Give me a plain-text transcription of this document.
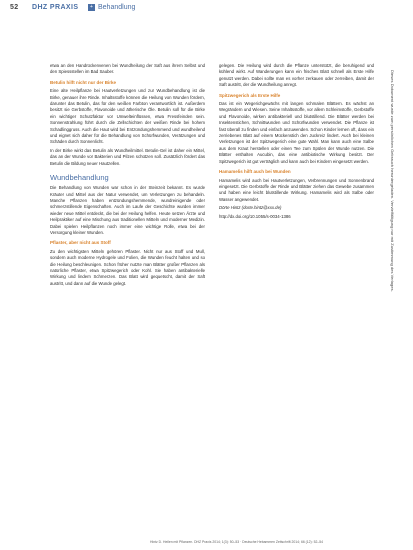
52 DHZ PRAXIS	+ Behandlung

etwa an den Handrückenvenen bei Wundheilung der Saft aus ihrem Selbst und den Spiessstellen im Bad Sauber.

Betulin hilft nicht nur der Birke

Eine alte Heilpflanze bei Hautverletzungen und zur Wundbehandlung ist die Birke, genauer ihre Rinde. Inhaltsstoffe können die Heilung von Wunden fördern, darunter das Betulin, das für den weißen Farbton verantwortlich ist. Außerdem besitzt sie Gerbstoffe, Flavonoide und ätherische Öle. Betulin soll für die Birke ein wichtiger Schutzfaktor vor Umwelteinflüssen, etwa Fressfeinden sein. Sonnenstrahlung führt durch die Zellschichten der weißen Rinde bei hohem Schadlinggruss. Auch die Haut wird bei Entzündungshemmend und wundheilend und eignet sich daher für die Behandlung von Schürfwunden, Verätzungen und Schäden durch Sonnenlicht.

In der Birke wirkt das Betulin als Wundheilmittel. Betulin-Gel ist daher ein Mittel, das an der Wunde vor Bakterien und Pilzen schützen soll. Zusätzlich fördert das Betulin die Bildung neuer Hautzellen.

Wundbehandlung

Die Behandlung von Wunden war schon in der Steinzeit bekannt. Es wurde Kräuter und Mittel aus der Natur verwendet, um Verletzungen zu behandeln. Manche Pflanzen haben entzündungshemmende, wundreinigende oder schmerzstillende Eigenschaften. Auch im Laufe der Geschichte wurden immer wieder neue Mittel entdeckt, die bei der Heilung helfen. Heute setzen Ärzte und Heilpraktiker auf eine Mischung aus traditionellen Mitteln und moderner Medizin. Dabei spielen Heilpflanzen noch immer eine wichtige Rolle, etwa bei der Versorgung kleiner Wunden.

Pflaster, aber nicht aus Stoff

Zu den wichtigsten Mitteln gehören Pflaster. Nicht nur aus Stoff und Mull, sondern auch moderne Hydrogele und Folien, die Wunden feucht halten und so die Heilung beschleunigen. Schon früher nutzte man Blätter großer Pflanzen als natürliche Pflaster, etwa Spitzwegerich oder Kohl. Sie haben antibakterielle Wirkung und lindern Schmerzen. Das Blatt wird gequetscht, damit der Saft austritt, und dann auf die Wunde gelegt.

gelegen. Die Heilung wird durch die Pflanze unterstützt, die beruhigend und kühlend wirkt. Auf Wanderungen kann ein frisches Blatt schnell als Erste Hilfe genutzt werden. Dabei sollte man es vorher zerkauen oder zerreiben, damit der Saft austritt, der die Wundheilung anregt.

Spitzwegerich als Erste Hilfe

Das ist ein Wegerichgewächs mit langen schmalen Blättern. Es wächst an Wegrändern und Wiesen. Seine Inhaltsstoffe, vor allem Schleimstoffe, Gerbstoffe und Flavonoide, wirken antibakteriell und blutstillend. Die Blätter werden bei Insektenstichen, Schnittwunden und Schürfwunden verwendet. Die Pflanze ist fast überall zu finden und einfach anzuwenden. Schon Kinder lernen oft, dass ein zerriebenes Blatt auf einem Mückenstich den Juckreiz lindert. Auch bei kleinen Verletzungen ist der Spitzwegerich eine gute Wahl. Man kann auch eine Salbe aus dem Kraut herstellen oder einen Tee zum Spülen der Wunde nutzen. Die Blätter enthalten Aucubin, das eine antibiotische Wirkung besitzt. Der Spitzwegerich ist gut verträglich und kann auch bei Kindern eingesetzt werden.

Hamamelis hilft auch bei Wunden

Hamamelis wird auch bei Hautverletzungen, Verbrennungen und Sonnenbrand eingesetzt. Die Gerbstoffe der Rinde und Blätter ziehen das Gewebe zusammen und haben eine leicht blutstillende Wirkung. Hamamelis wird als Salbe oder Wasser angewendet.

Dörte Hintz (dorte.hintz@xxx.de)

http://dx.doi.org/10.1055/s-0034-1386	Dieses Dokument wurde zum persönlichen Gebrauch heruntergeladen. Vervielfältigung nur mit Zustimmung des Verlages.
Hintz D. Heilen mit Pflanzen. DHZ Praxis 2014; 1(3): 50–53 · Deutsche Hebammen Zeitschrift 2014; 66 (12): 52–54
